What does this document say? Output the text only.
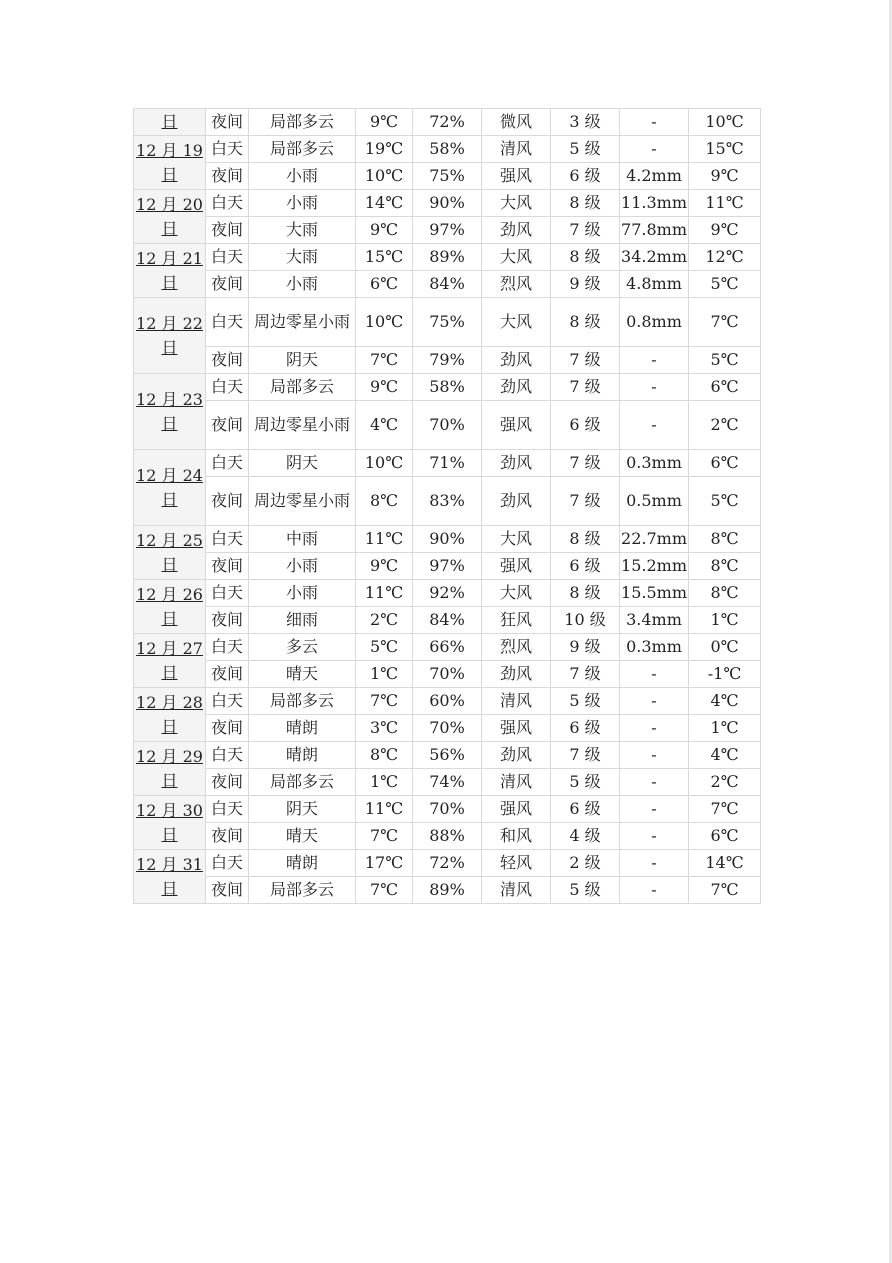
日	夜间	局部多云	9℃	72%	微风	3 级	-	10℃
12 月 19 日	白天	局部多云	19℃	58%	清风	5 级	-	15℃
	夜间	小雨	10℃	75%	强风	6 级	4.2mm	9℃
12 月 20 日	白天	小雨	14℃	90%	大风	8 级	11.3mm	11℃
	夜间	大雨	9℃	97%	劲风	7 级	77.8mm	9℃
12 月 21 日	白天	大雨	15℃	89%	大风	8 级	34.2mm	12℃
	夜间	小雨	6℃	84%	烈风	9 级	4.8mm	5℃
12 月 22 日	白天	周边零星小雨	10℃	75%	大风	8 级	0.8mm	7℃
	夜间	阴天	7℃	79%	劲风	7 级	-	5℃
12 月 23 日	白天	局部多云	9℃	58%	劲风	7 级	-	6℃
	夜间	周边零星小雨	4℃	70%	强风	6 级	-	2℃
12 月 24 日	白天	阴天	10℃	71%	劲风	7 级	0.3mm	6℃
	夜间	周边零星小雨	8℃	83%	劲风	7 级	0.5mm	5℃
12 月 25 日	白天	中雨	11℃	90%	大风	8 级	22.7mm	8℃
	夜间	小雨	9℃	97%	强风	6 级	15.2mm	8℃
12 月 26 日	白天	小雨	11℃	92%	大风	8 级	15.5mm	8℃
	夜间	细雨	2℃	84%	狂风	10 级	3.4mm	1℃
12 月 27 日	白天	多云	5℃	66%	烈风	9 级	0.3mm	0℃
	夜间	晴天	1℃	70%	劲风	7 级	-	-1℃
12 月 28 日	白天	局部多云	7℃	60%	清风	5 级	-	4℃
	夜间	晴朗	3℃	70%	强风	6 级	-	1℃
12 月 29 日	白天	晴朗	8℃	56%	劲风	7 级	-	4℃
	夜间	局部多云	1℃	74%	清风	5 级	-	2℃
12 月 30 日	白天	阴天	11℃	70%	强风	6 级	-	7℃
	夜间	晴天	7℃	88%	和风	4 级	-	6℃
12 月 31 日	白天	晴朗	17℃	72%	轻风	2 级	-	14℃
	夜间	局部多云	7℃	89%	清风	5 级	-	7℃
